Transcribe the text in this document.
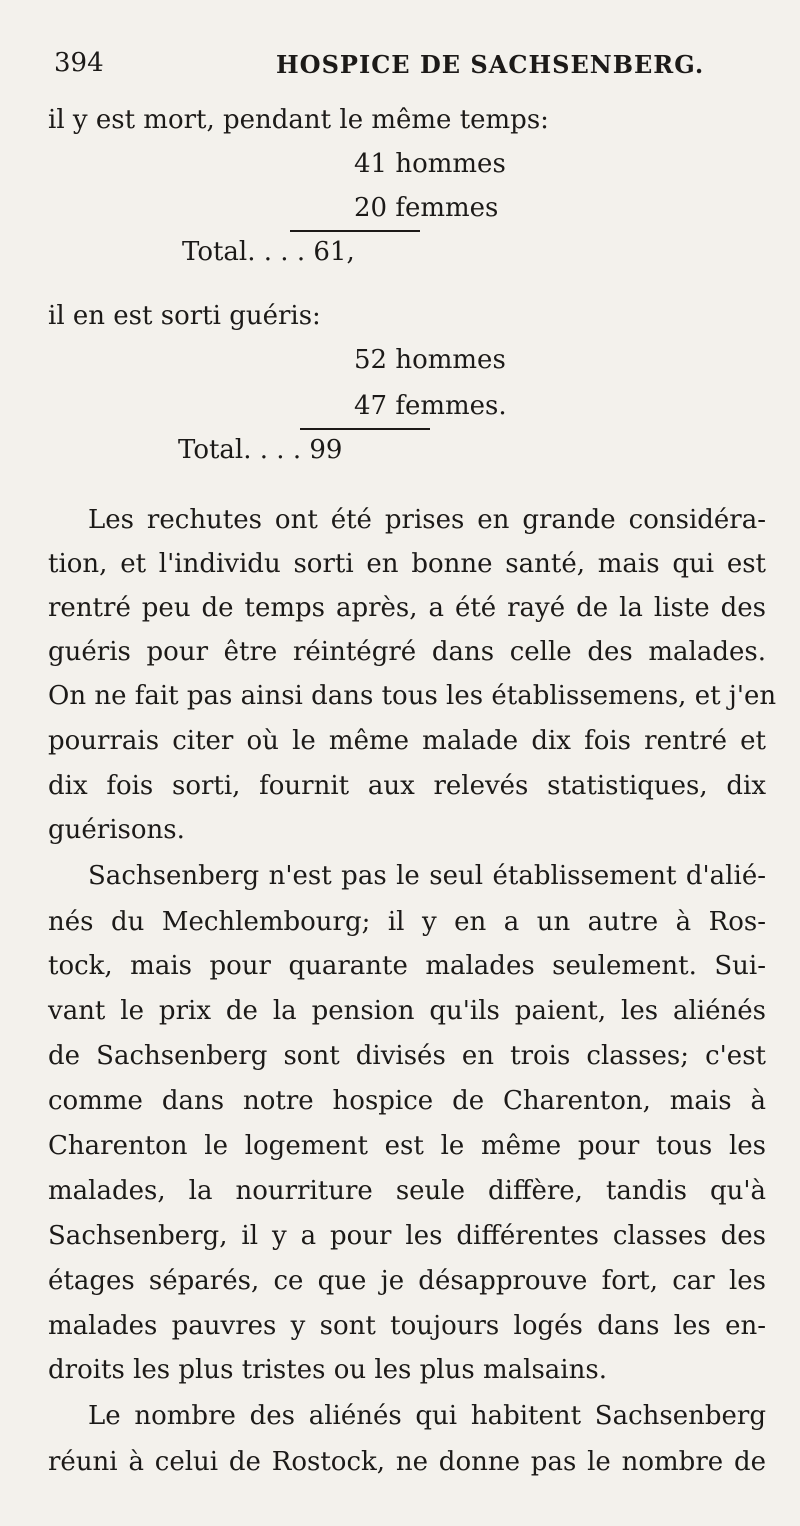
394	HOSPICE DE SACHSENBERG.
il y est mort, pendant le même temps:
41 hommes
20 femmes
Total. . . . 61,
il en est sorti guéris:
52 hommes
47 femmes.
Total. . . . 99
Les rechutes ont été prises en grande considéra-
tion, et l'individu sorti en bonne santé, mais qui est
rentré peu de temps après, a été rayé de la liste des
guéris pour être réintégré dans celle des malades.
On ne fait pas ainsi dans tous les établissemens, et j'en
pourrais citer où le même malade dix fois rentré et
dix fois sorti, fournit aux relevés statistiques, dix
guérisons.
Sachsenberg n'est pas le seul établissement d'alié-
nés du Mechlembourg; il y en a un autre à Ros-
tock, mais pour quarante malades seulement. Sui-
vant le prix de la pension qu'ils paient, les aliénés
de Sachsenberg sont divisés en trois classes; c'est
comme dans notre hospice de Charenton, mais à
Charenton le logement est le même pour tous les
malades, la nourriture seule diffère, tandis qu'à
Sachsenberg, il y a pour les différentes classes des
étages séparés, ce que je désapprouve fort, car les
malades pauvres y sont toujours logés dans les en-
droits les plus tristes ou les plus malsains.
Le nombre des aliénés qui habitent Sachsenberg
réuni à celui de Rostock, ne donne pas le nombre de
